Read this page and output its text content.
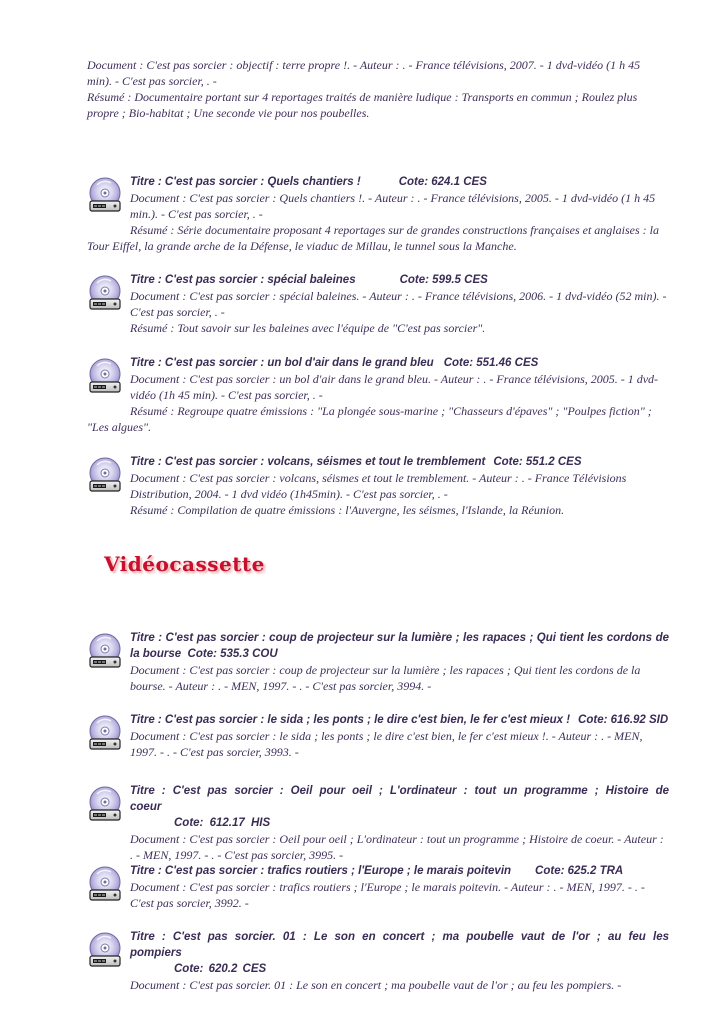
Document : C'est pas sorcier : objectif : terre propre !. - Auteur : . - France télévisions, 2007. - 1 dvd-vidéo (1 h 45 min). - C'est pas sorcier, . -

Résumé : Documentaire portant sur 4 reportages traités de manière ludique : Transports en commun ; Roulez plus propre ; Bio-habitat ; Une seconde vie pour nos poubelles.

Titre : C'est pas sorcier : Quels chantiers !	Cote: 624.1 CES

Document : C'est pas sorcier : Quels chantiers !. - Auteur : . - France télévisions, 2005. - 1 dvd-vidéo (1 h 45 min.). - C'est pas sorcier, . -

Résumé : Série documentaire proposant 4 reportages sur de grandes constructions françaises et anglaises : la Tour Eiffel, la grande arche de la Défense, le viaduc de Millau, le tunnel sous la Manche.

Titre : C'est pas sorcier : spécial baleines	Cote: 599.5 CES

Document : C'est pas sorcier : spécial baleines. - Auteur : . - France télévisions, 2006. - 1 dvd-vidéo (52 min). - C'est pas sorcier, . -

Résumé : Tout savoir sur les baleines avec l'équipe de "C'est pas sorcier".

Titre : C'est pas sorcier : un bol d'air dans le grand bleu Cote: 551.46 CES

Document : C'est pas sorcier : un bol d'air dans le grand bleu. - Auteur : . - France télévisions, 2005. - 1 dvd-vidéo (1h 45 min). - C'est pas sorcier, . -

Résumé : Regroupe quatre émissions : "La plongée sous-marine ; "Chasseurs d'épaves" ; "Poulpes fiction" ; "Les algues".

Titre : C'est pas sorcier : volcans, séismes et tout le tremblement Cote: 551.2 CES

Document : C'est pas sorcier : volcans, séismes et tout le tremblement. - Auteur : . - France Télévisions Distribution, 2004. - 1 dvd vidéo (1h45min). - C'est pas sorcier, . -

Résumé : Compilation de quatre émissions : l'Auvergne, les séismes, l'Islande, la Réunion.

Vidéocassette
Titre : C'est pas sorcier : coup de projecteur sur la lumière ; les rapaces ; Qui tient les cordons de la bourse Cote: 535.3 COU

Document : C'est pas sorcier : coup de projecteur sur la lumière ; les rapaces ; Qui tient les cordons de la bourse. - Auteur : . - MEN, 1997. - . - C'est pas sorcier, 3994. -

Titre : C'est pas sorcier : le sida ; les ponts ; le dire c'est bien, le fer c'est mieux ! Cote: 616.92 SID

Document : C'est pas sorcier : le sida ; les ponts ; le dire c'est bien, le fer c'est mieux !. - Auteur : . - MEN, 1997. - . - C'est pas sorcier, 3993. -

Titre : C'est pas sorcier : Oeil pour oeil ; L'ordinateur : tout un programme ; Histoire de coeur
Cote: 612.17 HIS

Document : C'est pas sorcier : Oeil pour oeil ; L'ordinateur : tout un programme ; Histoire de coeur. - Auteur : . - MEN, 1997. - . - C'est pas sorcier, 3995. -

Titre : C'est pas sorcier : trafics routiers ; l'Europe ; le marais poitevin Cote: 625.2 TRA

Document : C'est pas sorcier : trafics routiers ; l'Europe ; le marais poitevin. - Auteur : . - MEN, 1997. - . - C'est pas sorcier, 3992. -

Titre : C'est pas sorcier. 01 : Le son en concert ; ma poubelle vaut de l'or ; au feu les pompiers
Cote: 620.2 CES

Document : C'est pas sorcier. 01 : Le son en concert ; ma poubelle vaut de l'or ; au feu les pompiers. -
